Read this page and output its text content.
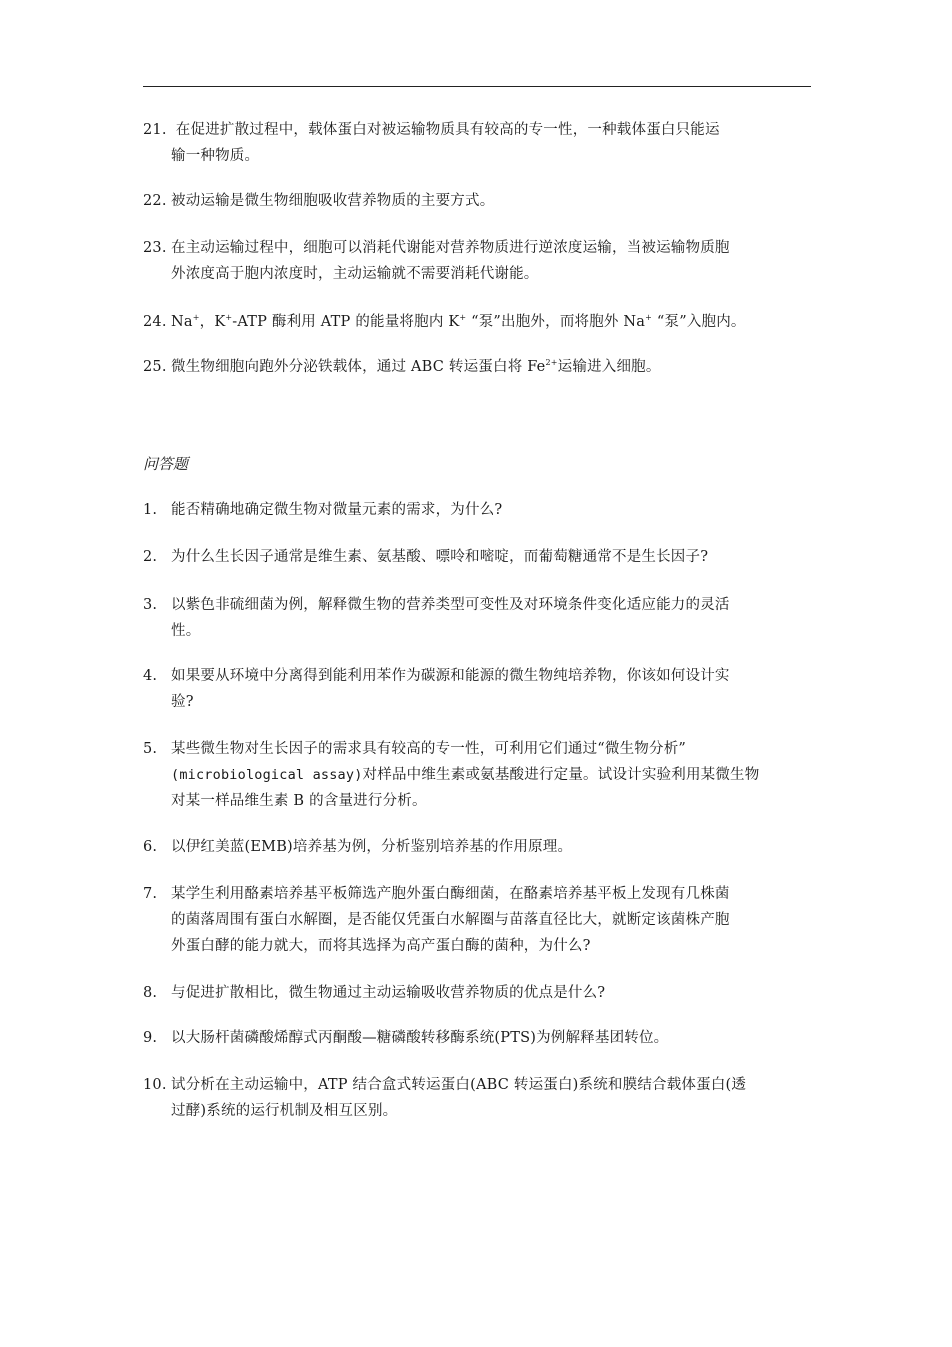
21. 在促进扩散过程中，载体蛋白对被运输物质具有较高的专一性，一种载体蛋白只能运
输一种物质。
22. 被动运输是微生物细胞吸收营养物质的主要方式。
23. 在主动运输过程中，细胞可以消耗代谢能对营养物质进行逆浓度运输，当被运输物质胞
外浓度高于胞内浓度时，主动运输就不需要消耗代谢能。
24. Na+，K+-ATP 酶利用 ATP 的能量将胞内 K+ “泵”出胞外，而将胞外 Na+ “泵”入胞内。
25. 微生物细胞向跑外分泌铁载体，通过 ABC 转运蛋白将 $Fe^{2+}$运输进入细胞。
问答题
1. 能否精确地确定微生物对微量元素的需求，为什么?
2. 为什么生长因子通常是维生素、氨基酸、嘌呤和嘧啶，而葡萄糖通常不是生长因子?
3. 以紫色非硫细菌为例，解释微生物的营养类型可变性及对环境条件变化适应能力的灵活
性。
4. 如果要从环境中分离得到能利用苯作为碳源和能源的微生物纯培养物，你该如何设计实
验?
5. 某些微生物对生长因子的需求具有较高的专一性，可利用它们通过“微生物分析”
(microbiological assay)对样品中维生素或氨基酸进行定量。试设计实验利用某微生物
对某一样品维生素 B 的含量进行分析。
6. 以伊红美蓝(EMB)培养基为例，分析鉴别培养基的作用原理。
7. 某学生利用酪素培养基平板筛选产胞外蛋白酶细菌，在酪素培养基平板上发现有几株菌
的菌落周围有蛋白水解圈，是否能仅凭蛋白水解圈与苗落直径比大，就断定该菌株产胞
外蛋白酵的能力就大，而将其选择为高产蛋白酶的菌种，为什么?
8. 与促进扩散相比，微生物通过主动运输吸收营养物质的优点是什么?
9. 以大肠杆菌磷酸烯醇式丙酮酸—糖磷酸转移酶系统(PTS)为例解释基团转位。
10. 试分析在主动运输中，ATP 结合盒式转运蛋白(ABC 转运蛋白)系统和膜结合载体蛋白(透
过酵)系统的运行机制及相互区别。
